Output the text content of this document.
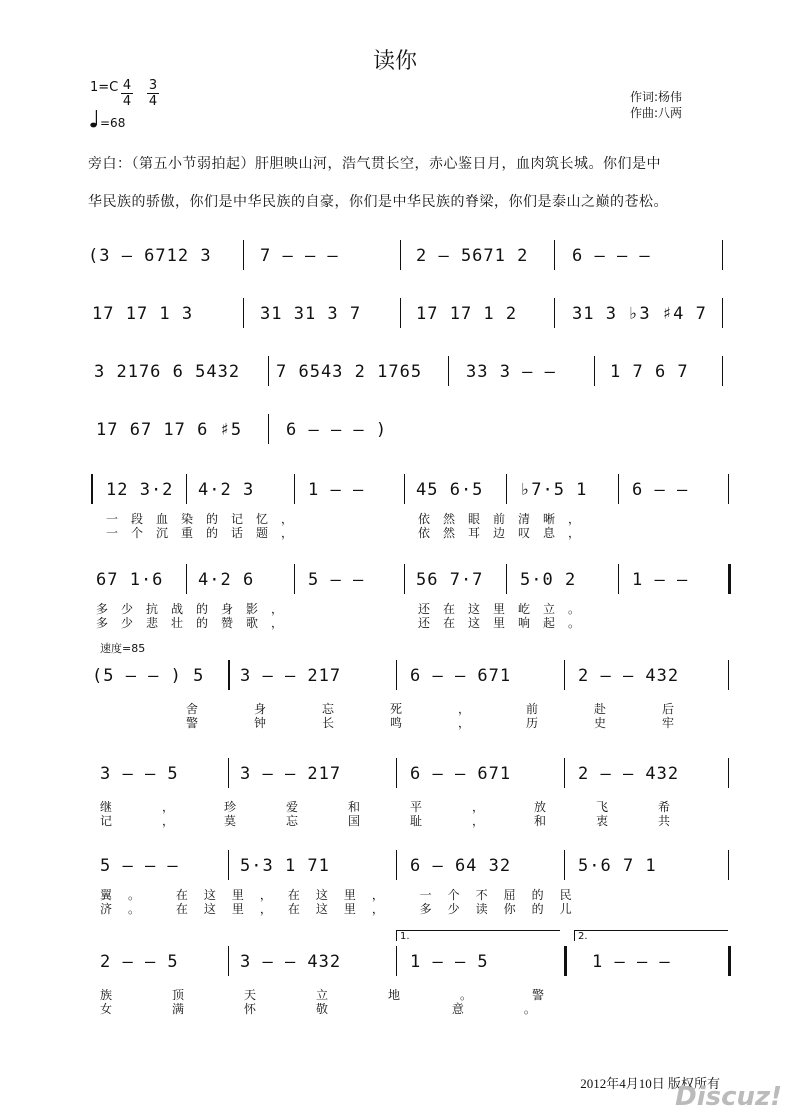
读你
1=C 4
4
3
4
=68
作词:杨伟
作曲:八两
旁白：（第五小节弱拍起）肝胆映山河，浩气贯长空，赤心鉴日月，血肉筑长城。你们是中
华民族的骄傲，你们是中华民族的自豪，你们是中华民族的脊梁，你们是泰山之巅的苍松。
(3 – 6712 3	7 – – –	2 – 5671 2	6 – – –
17 17 1 3	31 31 3 7	17 17 1 2	31 3 ♭3 ♯4 7
3 2176 6 5432 7 6543 2 1765	33 3 – –	1 7 6 7
17 67 17 6 ♯5	6 – – – )
12 3·2 4·2 3	1 – –	45 6·5 ♭7·5 1	6 – –
一段血染的记忆，	依然眼前清晰，
一个沉重的话题，	依然耳边叹息，
67 1·6 4·2 6	5 – –	56 7·7 5·0 2	1 – –
多少抗战的身影，	还在这里屹立。
多少悲壮的赞歌，	还在这里响起。
速度=85
(5 – – ) 5 3 – – 217	6 – – 671	2 – – 432
舍身忘死，前赴后
警钟长鸣，历史牢
3 – – 5	3 – – 217	6 – – 671	2 – – 432
继，珍爱和平，放飞希
记，莫忘国耻，和衷共
5 – – –	5·3 1 71	6 – 64 32	5·6 7 1
翼。 在这里，在这里， 一个不屈的民
济。 在这里，在这里， 多少读你的儿
2 – – 5	3 – – 432
1.
1 – – 5
2.
1 – – –
族顶天立地。警
女满怀敬 意。
2012年4月10日 版权所有
Discuz!
